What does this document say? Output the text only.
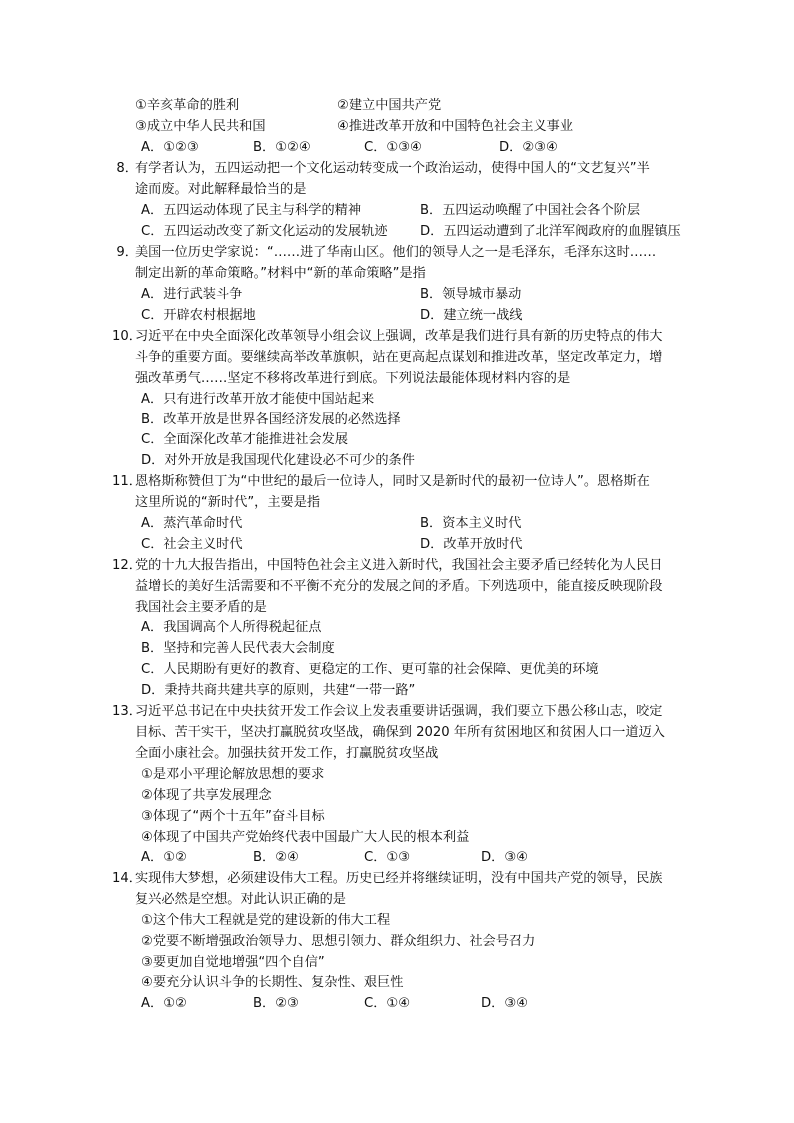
①辛亥革命的胜利	②建立中国共产党
③成立中华人民共和国	④推进改革开放和中国特色社会主义事业
A．①②③	B．①②④	C．①③④	D．②③④
8．
有学者认为，五四运动把一个文化运动转变成一个政治运动，使得中国人的“文艺复兴”半
途而废。对此解释最恰当的是
A．五四运动体现了民主与科学的精神	B．五四运动唤醒了中国社会各个阶层
C．五四运动改变了新文化运动的发展轨迹 D．五四运动遭到了北洋军阀政府的血腥镇压
9．
美国一位历史学家说：“……进了华南山区。他们的领导人之一是毛泽东，毛泽东这时……
制定出新的革命策略。”材料中“新的革命策略”是指
A．进行武装斗争	B．领导城市暴动
C．开辟农村根据地	D．建立统一战线
10．
习近平在中央全面深化改革领导小组会议上强调，改革是我们进行具有新的历史特点的伟大
斗争的重要方面。要继续高举改革旗帜，站在更高起点谋划和推进改革，坚定改革定力，增
强改革勇气……坚定不移将改革进行到底。下列说法最能体现材料内容的是
A．只有进行改革开放才能使中国站起来
B．改革开放是世界各国经济发展的必然选择
C．全面深化改革才能推进社会发展
D．对外开放是我国现代化建设必不可少的条件
11．
恩格斯称赞但丁为“中世纪的最后一位诗人，同时又是新时代的最初一位诗人”。恩格斯在
这里所说的“新时代”，主要是指
A．蒸汽革命时代	B．资本主义时代
C．社会主义时代	D．改革开放时代
12．
党的十九大报告指出，中国特色社会主义进入新时代，我国社会主要矛盾已经转化为人民日
益增长的美好生活需要和不平衡不充分的发展之间的矛盾。下列选项中，能直接反映现阶段
我国社会主要矛盾的是
A．我国调高个人所得税起征点
B．坚持和完善人民代表大会制度
C．人民期盼有更好的教育、更稳定的工作、更可靠的社会保障、更优美的环境
D．秉持共商共建共享的原则，共建“一带一路”
13．
习近平总书记在中央扶贫开发工作会议上发表重要讲话强调，我们要立下愚公移山志，咬定
目标、苦干实干，坚决打赢脱贫攻坚战，确保到 2020 年所有贫困地区和贫困人口一道迈入
全面小康社会。加强扶贫开发工作，打赢脱贫攻坚战
①是邓小平理论解放思想的要求
②体现了共享发展理念
③体现了“两个十五年”奋斗目标
④体现了中国共产党始终代表中国最广大人民的根本利益
A．①②	B．②④	C．①③	D．③④
14．
实现伟大梦想，必须建设伟大工程。历史已经并将继续证明，没有中国共产党的领导，民族
复兴必然是空想。对此认识正确的是
①这个伟大工程就是党的建设新的伟大工程
②党要不断增强政治领导力、思想引领力、群众组织力、社会号召力
③要更加自觉地增强“四个自信”
④要充分认识斗争的长期性、复杂性、艰巨性
A．①②	B．②③	C．①④	D．③④
